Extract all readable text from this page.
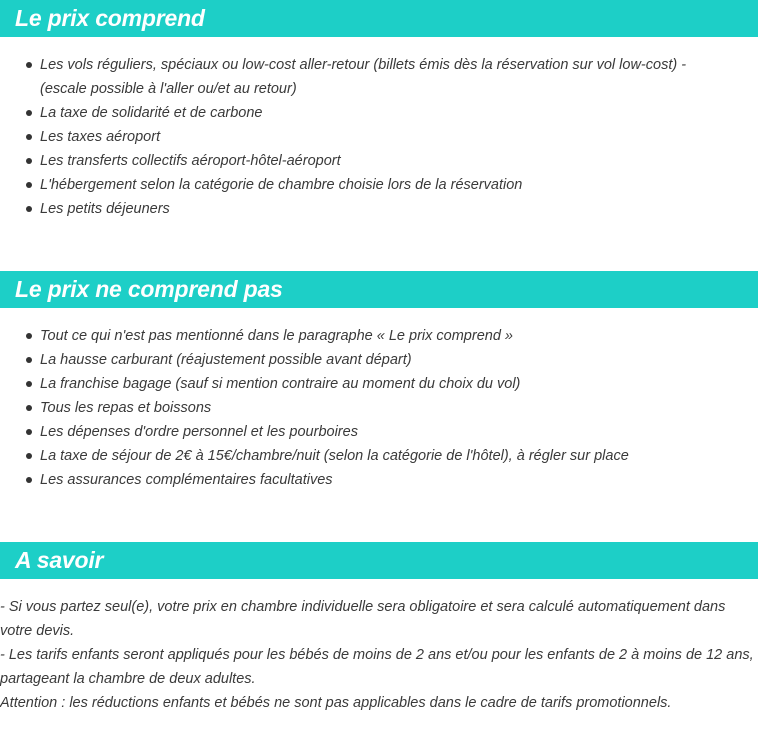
Le prix comprend
Les vols réguliers, spéciaux ou low-cost aller-retour (billets émis dès la réservation sur vol low-cost) - (escale possible à l'aller ou/et au retour)
La taxe de solidarité et de carbone
Les taxes aéroport
Les transferts collectifs aéroport-hôtel-aéroport
L'hébergement selon la catégorie de chambre choisie lors de la réservation
Les petits déjeuners
Le prix ne comprend pas
Tout ce qui n'est pas mentionné dans le paragraphe « Le prix comprend »
La hausse carburant (réajustement possible avant départ)
La franchise bagage (sauf si mention contraire au moment du choix du vol)
Tous les repas et boissons
Les dépenses d'ordre personnel et les pourboires
La taxe de séjour de 2€ à 15€/chambre/nuit (selon la catégorie de l'hôtel), à régler sur place
Les assurances complémentaires facultatives
A savoir

- Si vous partez seul(e), votre prix en chambre individuelle sera obligatoire et sera calculé automatiquement dans votre devis.

- Les tarifs enfants seront appliqués pour les bébés de moins de 2 ans et/ou pour les enfants de 2 à moins de 12 ans, partageant la chambre de deux adultes.

Attention : les réductions enfants et bébés ne sont pas applicables dans le cadre de tarifs promotionnels.
